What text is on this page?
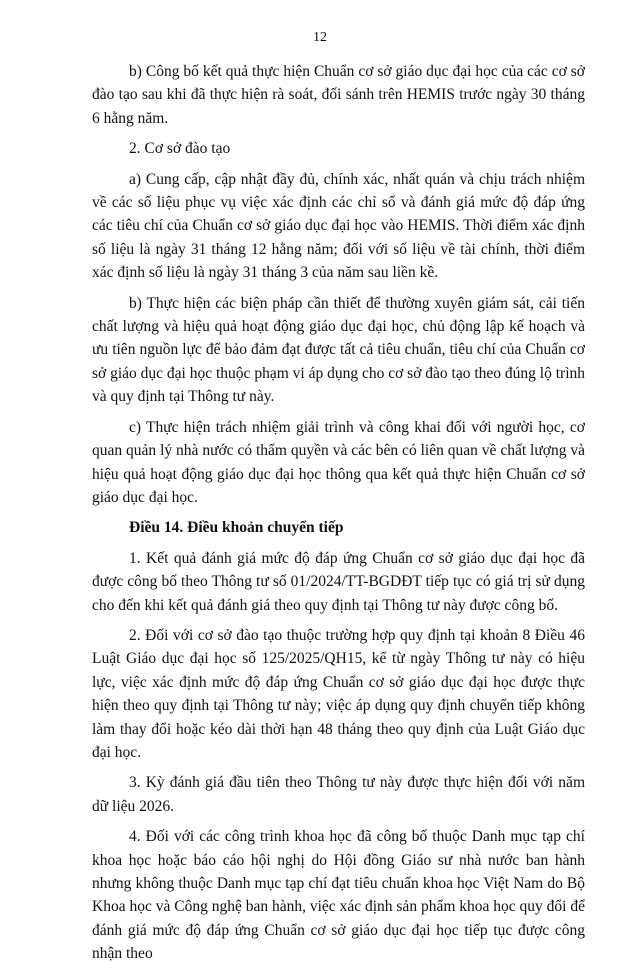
12

b) Công bố kết quả thực hiện Chuẩn cơ sở giáo dục đại học của các cơ sở đào tạo sau khi đã thực hiện rà soát, đối sánh trên HEMIS trước ngày 30 tháng 6 hằng năm.

2. Cơ sở đào tạo

a) Cung cấp, cập nhật đầy đủ, chính xác, nhất quán và chịu trách nhiệm về các số liệu phục vụ việc xác định các chỉ số và đánh giá mức độ đáp ứng các tiêu chí của Chuẩn cơ sở giáo dục đại học vào HEMIS. Thời điểm xác định số liệu là ngày 31 tháng 12 hằng năm; đối với số liệu về tài chính, thời điểm xác định số liệu là ngày 31 tháng 3 của năm sau liền kề.

b) Thực hiện các biện pháp cần thiết để thường xuyên giám sát, cải tiến chất lượng và hiệu quả hoạt động giáo dục đại học, chủ động lập kế hoạch và ưu tiên nguồn lực để bảo đảm đạt được tất cả tiêu chuẩn, tiêu chí của Chuẩn cơ sở giáo dục đại học thuộc phạm vi áp dụng cho cơ sở đào tạo theo đúng lộ trình và quy định tại Thông tư này.

c) Thực hiện trách nhiệm giải trình và công khai đối với người học, cơ quan quản lý nhà nước có thẩm quyền và các bên có liên quan về chất lượng và hiệu quả hoạt động giáo dục đại học thông qua kết quả thực hiện Chuẩn cơ sở giáo dục đại học.

Điều 14. Điều khoản chuyển tiếp

1. Kết quả đánh giá mức độ đáp ứng Chuẩn cơ sở giáo dục đại học đã được công bố theo Thông tư số 01/2024/TT-BGDĐT tiếp tục có giá trị sử dụng cho đến khi kết quả đánh giá theo quy định tại Thông tư này được công bố.

2. Đối với cơ sở đào tạo thuộc trường hợp quy định tại khoản 8 Điều 46 Luật Giáo dục đại học số 125/2025/QH15, kể từ ngày Thông tư này có hiệu lực, việc xác định mức độ đáp ứng Chuẩn cơ sở giáo dục đại học được thực hiện theo quy định tại Thông tư này; việc áp dụng quy định chuyển tiếp không làm thay đổi hoặc kéo dài thời hạn 48 tháng theo quy định của Luật Giáo dục đại học.

3. Kỳ đánh giá đầu tiên theo Thông tư này được thực hiện đối với năm dữ liệu 2026.

4. Đối với các công trình khoa học đã công bố thuộc Danh mục tạp chí khoa học hoặc báo cáo hội nghị do Hội đồng Giáo sư nhà nước ban hành nhưng không thuộc Danh mục tạp chí đạt tiêu chuẩn khoa học Việt Nam do Bộ Khoa học và Công nghệ ban hành, việc xác định sản phẩm khoa học quy đổi để đánh giá mức độ đáp ứng Chuẩn cơ sở giáo dục đại học tiếp tục được công nhận theo
